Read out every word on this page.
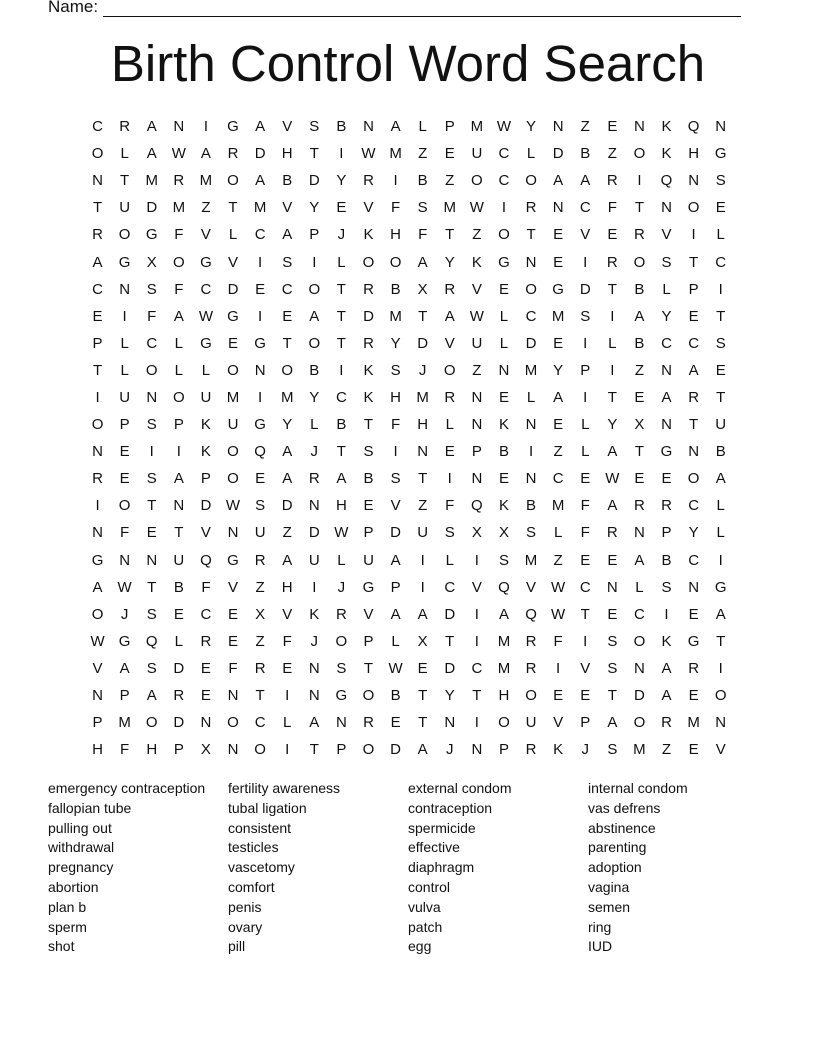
Name:
Birth Control Word Search
C	R	A	N	I	G	A	V	S	B	N	A	L	P	M W	Y	N	Z	E	N	K	Q	N
O	L	A	W	A	R	D	H	T	I	W M	Z	E	U	C	L	D	B	Z	O	K	H	G
N	T	M	R	M	O	A	B	D	Y	R	I	B	Z	O	C	O	A	A	R	I	Q	N	S
T	U	D	M	Z	T	M	V	Y	E	V	F	S	M W	I	R	N	C	F	T	N	O	E
R	O	G	F	V	L	C	A	P	J	K	H	F	T	Z	O	T	E	V	E	R	V	I	L
A	G	X	O	G	V	I	S	I	L	O	O	A	Y	K	G	N	E	I	R	O	S	T	C
C	N	S	F	C	D	E	C	O	T	R	B	X	R	V	E	O	G	D	T	B	L	P	I
E	I	F	A	W G	I	E	A	T	D	M	T	A	W	L	C	M	S	I	A	Y	E	T
P	L	C	L	G	E	G	T	O	T	R	Y	D	V	U	L	D	E	I	L	B	C	C	S
T	L	O	L	L	O	N	O	B	I	K	S	J	O	Z	N	M	Y	P	I	Z	N	A	E
I	U	N	O	U	M	I	M	Y	C	K	H	M	R	N	E	L	A	I	T	E	A	R	T
O	P	S	P	K	U	G	Y	L	B	T	F	H	L	N	K	N	E	L	Y	X	N	T	U
N	E	I	I	K	O	Q	A	J	T	S	I	N	E	P	B	I	Z	L	A	T	G	N	B
R	E	S	A	P	O	E	A	R	A	B	S	T	I	N	E	N	C	E	W	E	E	O	A
I	O	T	N	D W	S	D	N	H	E	V	Z	F	Q	K	B	M	F	A	R	R	C	L
N	F	E	T	V	N	U	Z	D W	P	D	U	S	X	X	S	L	F	R	N	P	Y	L
G	N	N	U	Q	G	R	A	U	L	U	A	I	L	I	S	M	Z	E	E	A	B	C	I
A	W	T	B	F	V	Z	H	I	J	G	P	I	C	V	Q	V	W C	N	L	S	N	G
O	J	S	E	C	E	X	V	K	R	V	A	A	D	I	A	Q W	T	E	C	I	E	A
W G	Q	L	R	E	Z	F	J	O	P	L	X	T	I	M	R	F	I	S	O	K	G	T
V	A	S	D	E	F	R	E	N	S	T	W	E	D	C	M	R	I	V	S	N	A	R	I
N	P	A	R	E	N	T	I	N	G	O	B	T	Y	T	H	O	E	E	T	D	A	E	O
P	M	O	D	N	O	C	L	A	N	R	E	T	N	I	O	U	V	P	A	O	R	M	N
H	F	H	P	X	N	O	I	T	P	O	D	A	J	N	P	R	K	J	S	M	Z	E	V
emergency contraception	fertility awareness	external condom	internal condom
fallopian tube	tubal ligation	contraception	vas defrens
pulling out	consistent	spermicide	abstinence
withdrawal	testicles	effective	parenting
pregnancy	vascetomy	diaphragm	adoption
abortion	comfort	control	vagina
plan b	penis	vulva	semen
sperm	ovary	patch	ring
shot	pill	egg	IUD
